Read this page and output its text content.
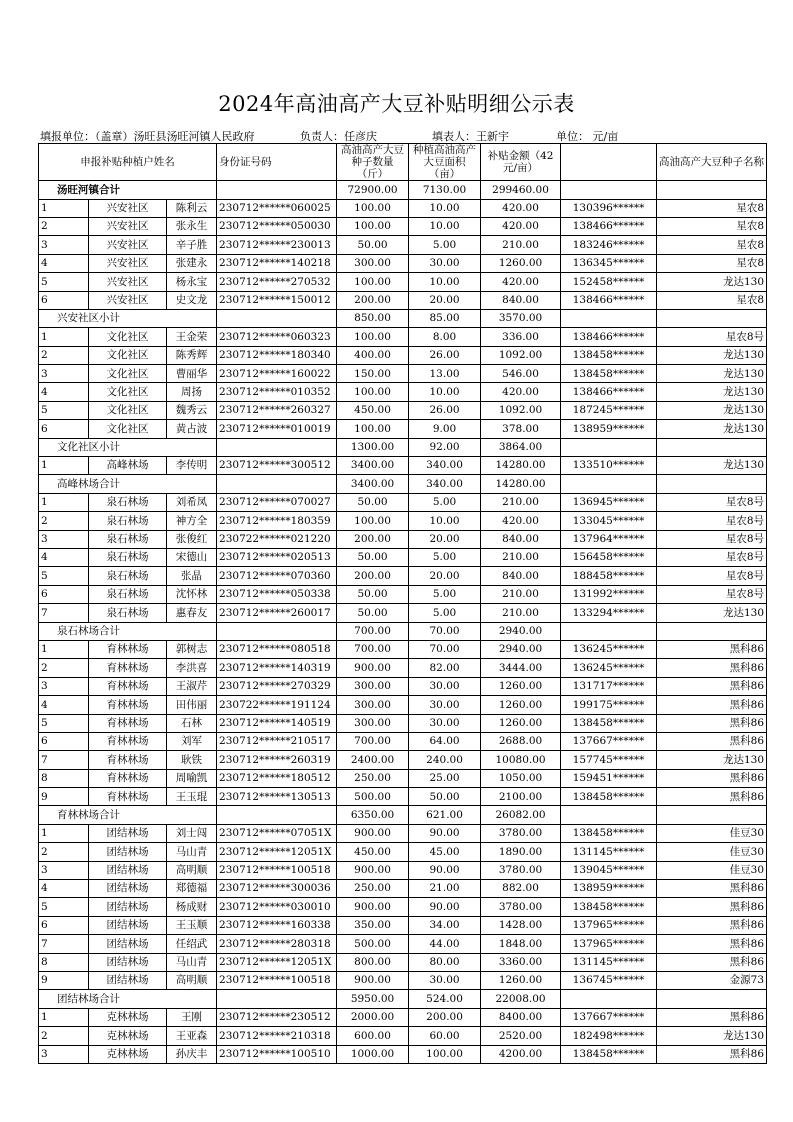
2024年高油高产大豆补贴明细公示表
填报单位：（盖章）汤旺县汤旺河镇人民政府	负责人：任彦庆	填表人：王新宇	单位： 元/亩
申报补贴种植户姓名			身份证号码	高油高产大豆种子数量（斤）	种植高油高产大豆面积（亩）	补贴金额（42元/亩）		高油高产大豆种子名称
汤旺河镇合计				72900.00	7130.00	299460.00		
1	兴安社区	陈利云	230712******060025	100.00	10.00	420.00	130396******	星农8
2	兴安社区	张永生	230712******050030	100.00	10.00	420.00	138466******	星农8
3	兴安社区	辛子胜	230712******230013	50.00	5.00	210.00	183246******	星农8
4	兴安社区	张建永	230712******140218	300.00	30.00	1260.00	136345******	星农8
5	兴安社区	杨永宝	230712******270532	100.00	10.00	420.00	152458******	龙达130
6	兴安社区	史文龙	230712******150012	200.00	20.00	840.00	138466******	星农8
兴安社区小计				850.00	85.00	3570.00		
1	文化社区	王金荣	230712******060323	100.00	8.00	336.00	138466******	星农8号
2	文化社区	陈秀辉	230712******180340	400.00	26.00	1092.00	138458******	龙达130
3	文化社区	曹丽华	230712******160022	150.00	13.00	546.00	138458******	龙达130
4	文化社区	周扬	230712******010352	100.00	10.00	420.00	138466******	龙达130
5	文化社区	魏秀云	230712******260327	450.00	26.00	1092.00	187245******	龙达130
6	文化社区	黄占波	230712******010019	100.00	9.00	378.00	138959******	龙达130
文化社区小计				1300.00	92.00	3864.00		
1	高峰林场	李传明	230712******300512	3400.00	340.00	14280.00	133510******	龙达130
高峰林场合计				3400.00	340.00	14280.00		
1	泉石林场	刘希凤	230712******070027	50.00	5.00	210.00	136945******	星农8号
2	泉石林场	神方全	230712******180359	100.00	10.00	420.00	133045******	星农8号
3	泉石林场	张俊红	230722******021220	200.00	20.00	840.00	137964******	星农8号
4	泉石林场	宋德山	230712******020513	50.00	5.00	210.00	156458******	星农8号
5	泉石林场	张晶	230712******070360	200.00	20.00	840.00	188458******	星农8号
6	泉石林场	沈怀林	230712******050338	50.00	5.00	210.00	131992******	星农8号
7	泉石林场	惠春友	230712******260017	50.00	5.00	210.00	133294******	龙达130
泉石林场合计				700.00	70.00	2940.00		
1	育林林场	郭树志	230712******080518	700.00	70.00	2940.00	136245******	黑科86
2	育林林场	李洪喜	230712******140319	900.00	82.00	3444.00	136245******	黑科86
3	育林林场	王淑芹	230712******270329	300.00	30.00	1260.00	131717******	黑科86
4	育林林场	田伟丽	230722******191124	300.00	30.00	1260.00	199175******	黑科86
5	育林林场	石林	230712******140519	300.00	30.00	1260.00	138458******	黑科86
6	育林林场	刘军	230712******210517	700.00	64.00	2688.00	137667******	黑科86
7	育林林场	耿铁	230712******260319	2400.00	240.00	10080.00	157745******	龙达130
8	育林林场	周喻凯	230712******180512	250.00	25.00	1050.00	159451******	黑科86
9	育林林场	王玉琨	230712******130513	500.00	50.00	2100.00	138458******	黑科86
育林林场合计				6350.00	621.00	26082.00		
1	团结林场	刘士闯	230712******07051X	900.00	90.00	3780.00	138458******	佳豆30
2	团结林场	马山青	230712******12051X	450.00	45.00	1890.00	131145******	佳豆30
3	团结林场	高明顺	230712******100518	900.00	90.00	3780.00	139045******	佳豆30
4	团结林场	郑德福	230712******300036	250.00	21.00	882.00	138959******	黑科86
5	团结林场	杨成财	230712******030010	900.00	90.00	3780.00	138458******	黑科86
6	团结林场	王玉顺	230712******160338	350.00	34.00	1428.00	137965******	黑科86
7	团结林场	任绍武	230712******280318	500.00	44.00	1848.00	137965******	黑科86
8	团结林场	马山青	230712******12051X	800.00	80.00	3360.00	131145******	黑科86
9	团结林场	高明顺	230712******100518	900.00	30.00	1260.00	136745******	金源73
团结林场合计				5950.00	524.00	22008.00		
1	克林林场	王刚	230712******230512	2000.00	200.00	8400.00	137667******	黑科86
2	克林林场	王亚森	230712******210318	600.00	60.00	2520.00	182498******	龙达130
3	克林林场	孙庆丰	230712******100510	1000.00	100.00	4200.00	138458******	黑科86
